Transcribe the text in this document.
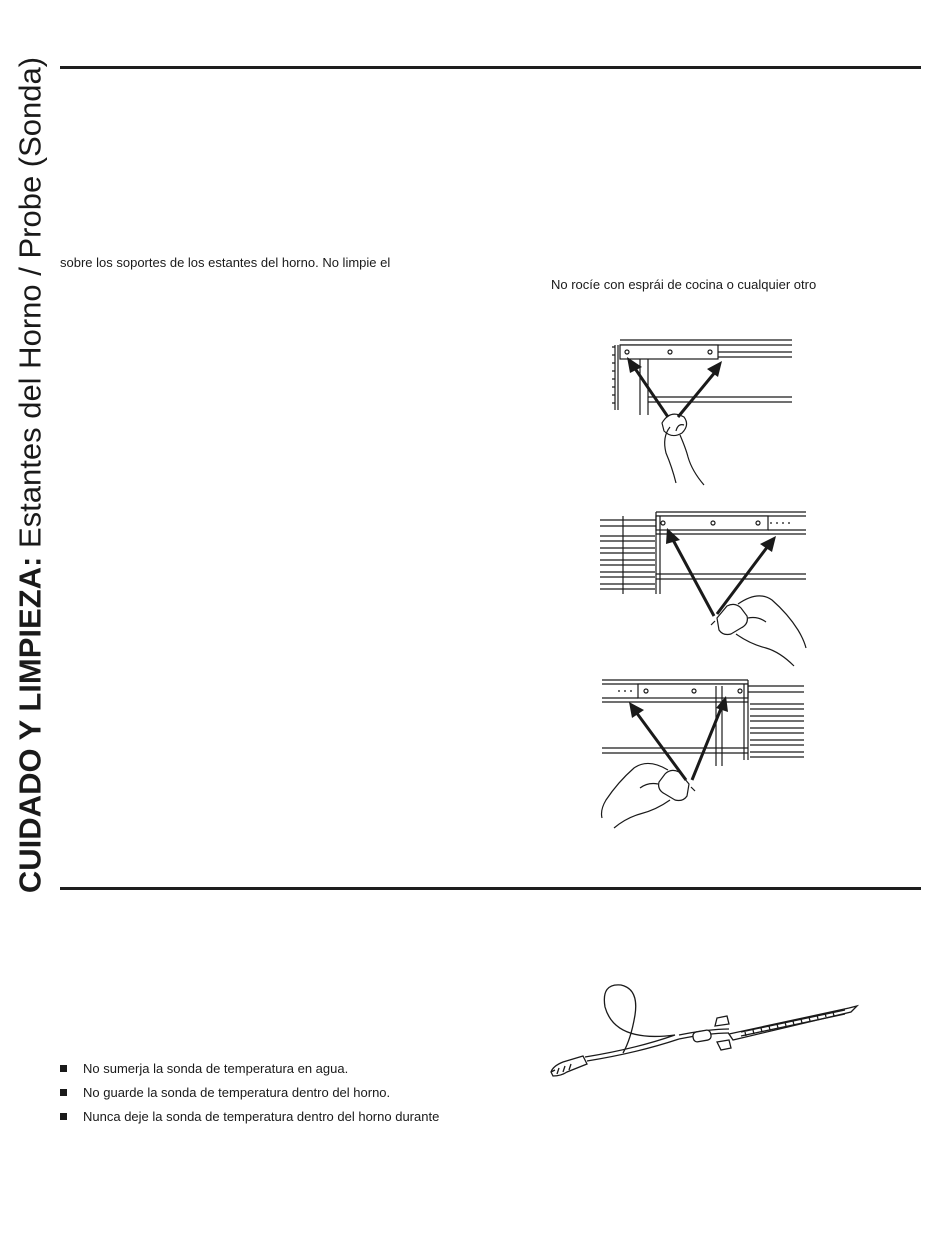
CUIDADO Y LIMPIEZA: Estantes del Horno / Probe (Sonda) sobre los soportes de los estantes del horno. No limpie el
No rocíe con esprái de cocina o cualquier otro
No sumerja la sonda de temperatura en agua.
No guarde la sonda de temperatura dentro del horno.
Nunca deje la sonda de temperatura dentro del horno durante
